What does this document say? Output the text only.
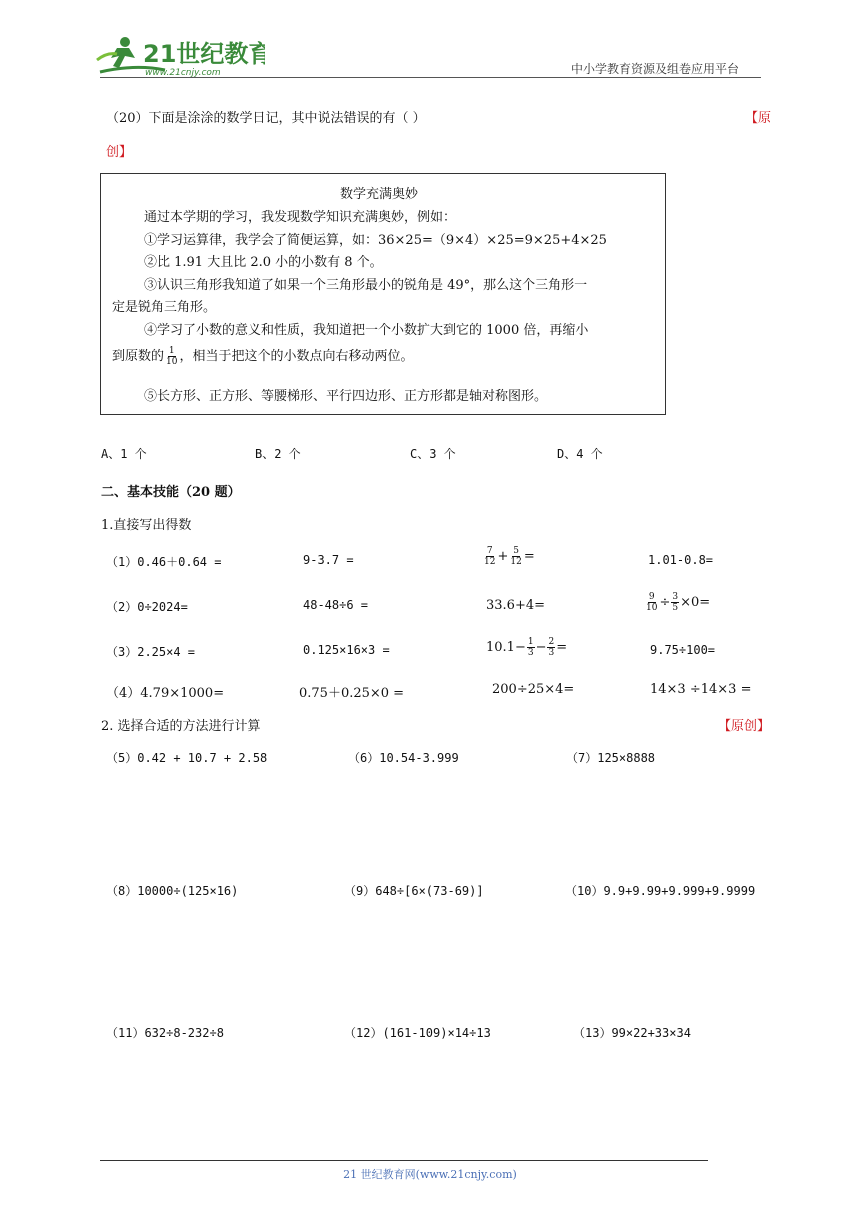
21世纪教育
www.21cnjy.com	中小学教育资源及组卷应用平台
（20）下面是涂涂的数学日记，其中说法错误的有（ ）	【原
创】
数学充满奥妙
通过本学期的学习，我发现数学知识充满奥妙，例如：
①学习运算律，我学会了简便运算，如：36×25=（9×4）×25=9×25+4×25
②比 1.91 大且比 2.0 小的小数有 8 个。
③认识三角形我知道了如果一个三角形最小的锐角是 49°，那么这个三角形一
定是锐角三角形。
④学习了小数的意义和性质，我知道把一个小数扩大到它的 1000 倍，再缩小
到原数的 $\frac{1}{10}$ ，相当于把这个的小数点向右移动两位。
⑤长方形、正方形、等腰梯形、平行四边形、正方形都是轴对称图形。
A、1 个	B、2 个	C、3 个	D、4 个
二、基本技能（20 题）
1.直接写出得数
（1）0.46＋0.64 =	9-3.7 =	$\frac{7}{12} + \frac{5}{12}$ =	1.01-0.8=
（2）0÷2024=	48-48÷6 =	33.6+4=	$\frac{9}{10} \div \frac{3}{5} \times 0=$
（3）2.25×4 =	0.125×16×3 =	$10.1- \frac{1}{3} - \frac{2}{3}$ =	9.75÷100=
（4）4.79×1000=	0.75＋0.25×0 =	200÷25×4=	14×3 ÷14×3 =
2. 选择合适的方法进行计算	【原创】
（5）0.42 + 10.7 + 2.58	（6）10.54-3.999	（7）125×8888
（8）10000÷(125×16)	（9）648÷[6×(73-69)]	（10）9.9+9.99+9.999+9.9999
（11）632÷8-232÷8	（12）(161-109)×14÷13	（13）99×22+33×34
21 世纪教育网(www.21cnjy.com)
